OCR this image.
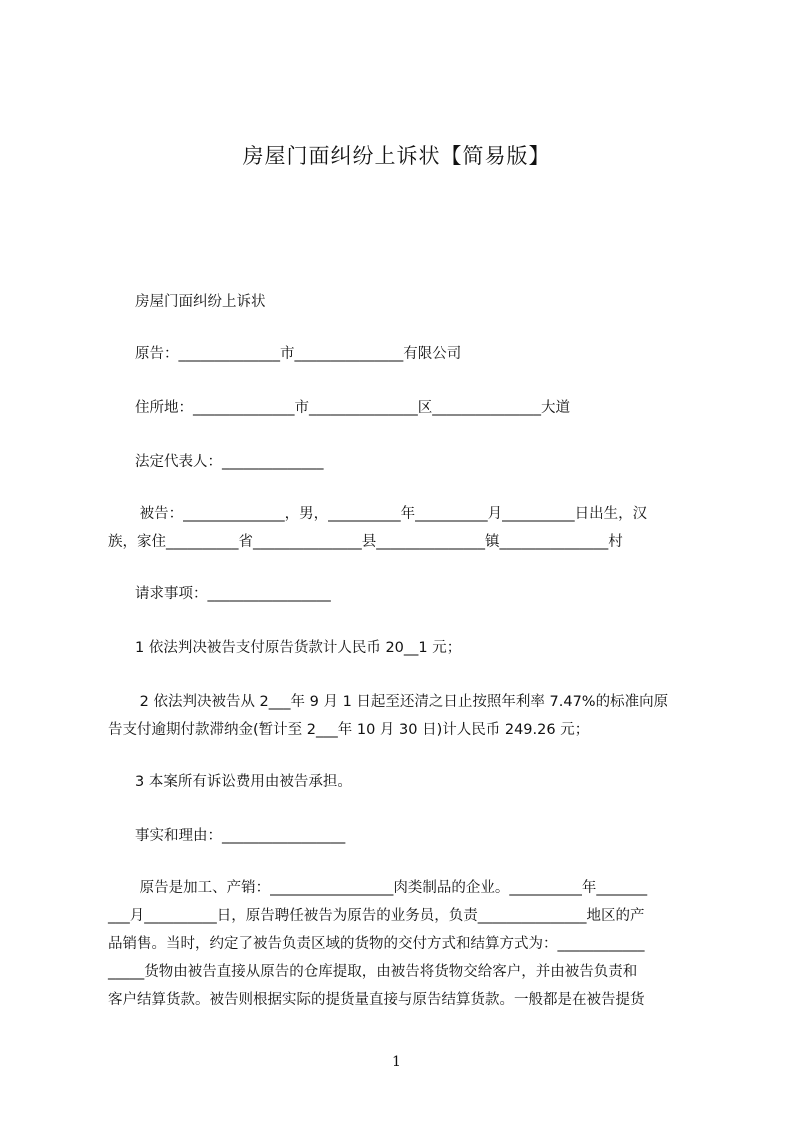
房屋门面纠纷上诉状【简易版】
房屋门面纠纷上诉状
原告：______________市_______________有限公司
住所地：______________市_______________区_______________大道
法定代表人：______________
被告：______________，男，__________年__________月__________日出生，汉
族，家住__________省_______________县_______________镇_______________村
请求事项：_________________
1 依法判决被告支付原告货款计人民币 20__1 元；
2 依法判决被告从 2___年 9 月 1 日起至还清之日止按照年利率 7.47%的标准向原
告支付逾期付款滞纳金(暂计至 2___年 10 月 30 日)计人民币 249.26 元；
3 本案所有诉讼费用由被告承担。
事实和理由：_________________
原告是加工、产销：_________________肉类制品的企业。__________年_______
___月__________日，原告聘任被告为原告的业务员，负责_______________地区的产
品销售。当时，约定了被告负责区域的货物的交付方式和结算方式为：____________
_____货物由被告直接从原告的仓库提取，由被告将货物交给客户，并由被告负责和
客户结算货款。被告则根据实际的提货量直接与原告结算货款。一般都是在被告提货
1
